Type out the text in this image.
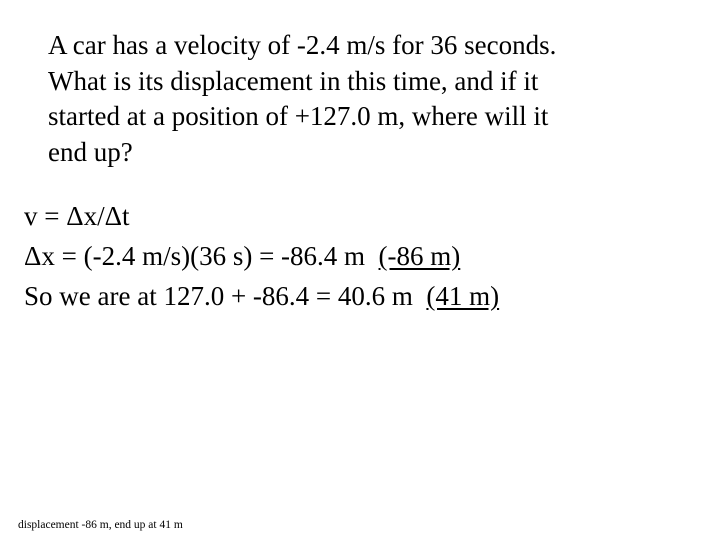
A car has a velocity of -2.4 m/s for 36 seconds.
What is its displacement in this time, and if it
started at a position of +127.0 m, where will it
end up?
v = Δx/Δt
Δx = (-2.4 m/s)(36 s) = -86.4 m (-86 m)
So we are at 127.0 + -86.4 = 40.6 m (41 m)
displacement -86 m, end up at 41 m
